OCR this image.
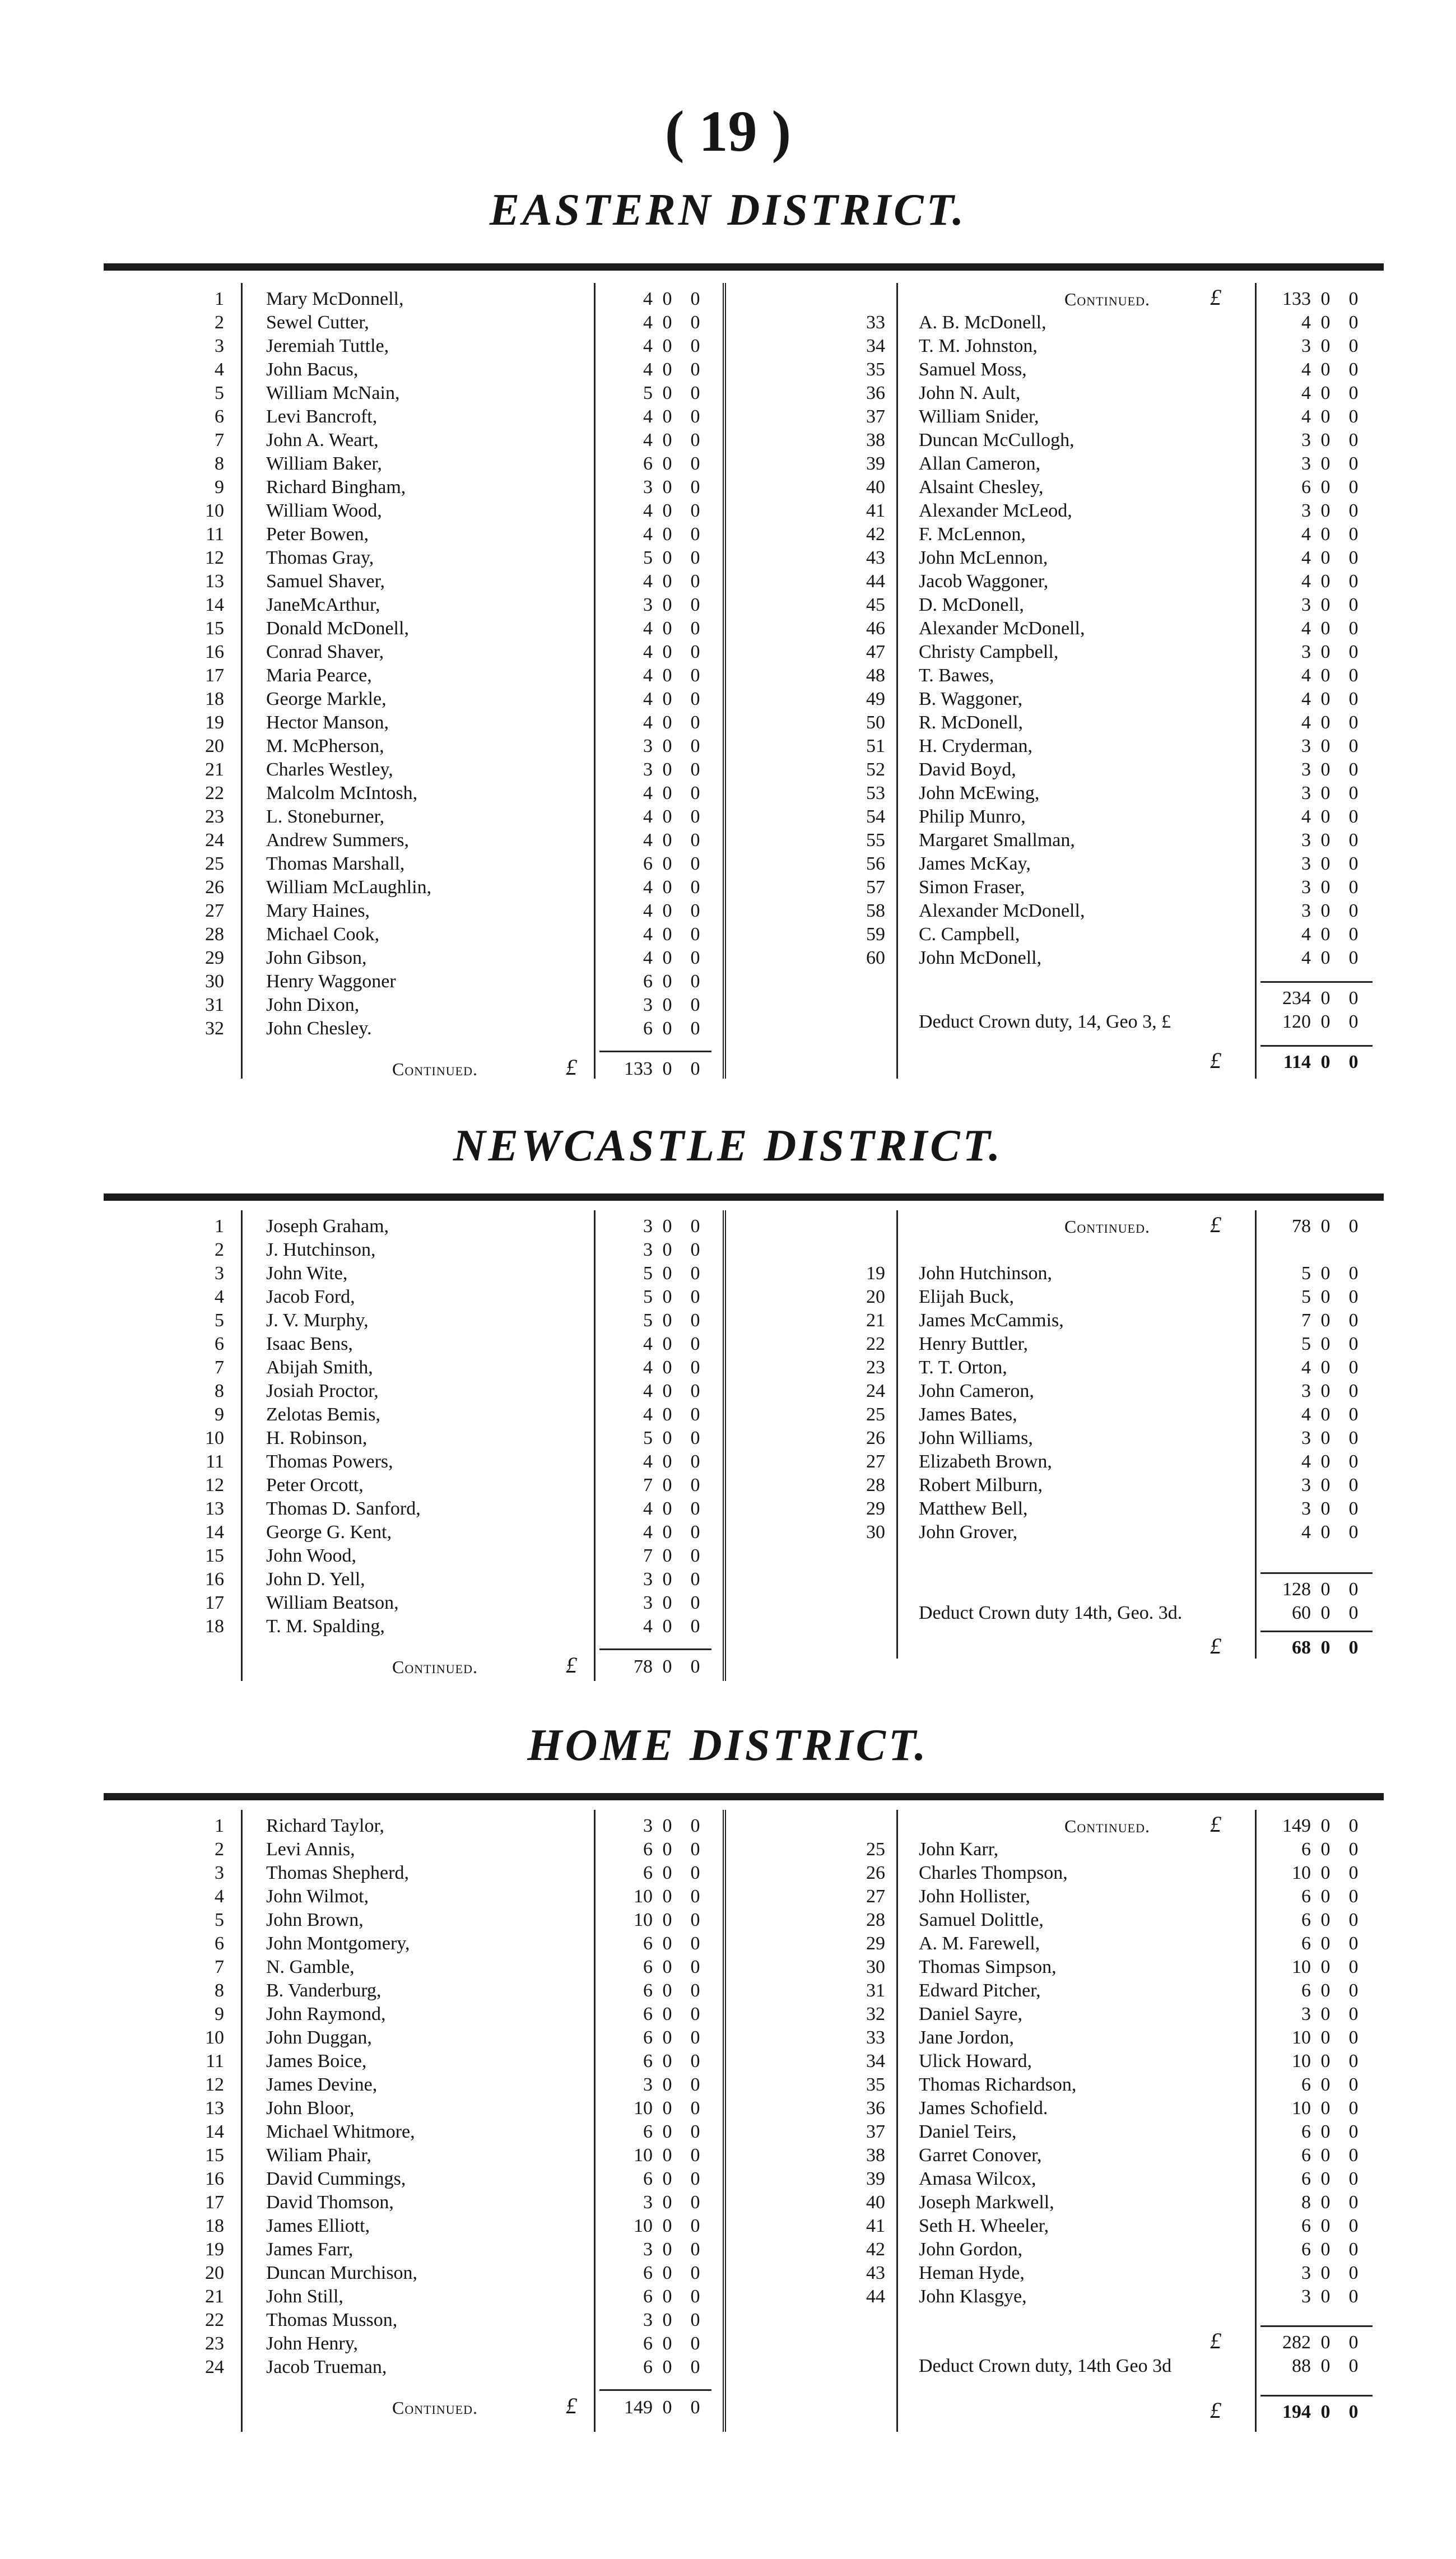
( 19 )
EASTERN DISTRICT.
1 Mary McDonnell,	4 0 0
2 Sewel Cutter,	4 0 0
3 Jeremiah Tuttle,	4 0 0
4 John Bacus,	4 0 0
5 William McNain,	5 0 0
6 Levi Bancroft,	4 0 0
7 John A. Weart,	4 0 0
8 William Baker,	6 0 0
9 Richard Bingham,	3 0 0
10 William Wood,	4 0 0
11 Peter Bowen,	4 0 0
12 Thomas Gray,	5 0 0
13 Samuel Shaver,	4 0 0
14 JaneMcArthur,	3 0 0
15 Donald McDonell,	4 0 0
16 Conrad Shaver,	4 0 0
17 Maria Pearce,	4 0 0
18 George Markle,	4 0 0
19 Hector Manson,	4 0 0
20 M. McPherson,	3 0 0
21 Charles Westley,	3 0 0
22 Malcolm McIntosh,	4 0 0
23 L. Stoneburner,	4 0 0
24 Andrew Summers,	4 0 0
25 Thomas Marshall,	6 0 0
26 William McLaughlin,	4 0 0
27 Mary Haines,	4 0 0
28 Michael Cook,	4 0 0
29 John Gibson,	4 0 0
30 Henry Waggoner	6 0 0
31 John Dixon,	3 0 0
32 John Chesley.	6 0 0
Continued.	£	133 0 0
Continued.	£	133 0 0
33 A. B. McDonell,	4 0 0
34 T. M. Johnston,	3 0 0
35 Samuel Moss,	4 0 0
36 John N. Ault,	4 0 0
37 William Snider,	4 0 0
38 Duncan McCullogh,	3 0 0
39 Allan Cameron,	3 0 0
40 Alsaint Chesley,	6 0 0
41 Alexander McLeod,	3 0 0
42 F. McLennon,	4 0 0
43 John McLennon,	4 0 0
44 Jacob Waggoner,	4 0 0
45 D. McDonell,	3 0 0
46 Alexander McDonell,	4 0 0
47 Christy Campbell,	3 0 0
48 T. Bawes,	4 0 0
49 B. Waggoner,	4 0 0
50 R. McDonell,	4 0 0
51 H. Cryderman,	3 0 0
52 David Boyd,	3 0 0
53 John McEwing,	3 0 0
54 Philip Munro,	4 0 0
55 Margaret Smallman,	3 0 0
56 James McKay,	3 0 0
57 Simon Fraser,	3 0 0
58 Alexander McDonell,	3 0 0
59 C. Campbell,	4 0 0
60 John McDonell,	4 0 0
234 0 0
Deduct Crown duty, 14, Geo 3, £	120 0 0
£	114 0 0
NEWCASTLE DISTRICT.
1 Joseph Graham,	3 0 0
2 J. Hutchinson,	3 0 0
3 John Wite,	5 0 0
4 Jacob Ford,	5 0 0
5 J. V. Murphy,	5 0 0
6 Isaac Bens,	4 0 0
7 Abijah Smith,	4 0 0
8 Josiah Proctor,	4 0 0
9 Zelotas Bemis,	4 0 0
10 H. Robinson,	5 0 0
11 Thomas Powers,	4 0 0
12 Peter Orcott,	7 0 0
13 Thomas D. Sanford,	4 0 0
14 George G. Kent,	4 0 0
15 John Wood,	7 0 0
16 John D. Yell,	3 0 0
17 William Beatson,	3 0 0
18 T. M. Spalding,	4 0 0
Continued.	£	78 0 0
Continued.	£	78 0 0
19 John Hutchinson,	5 0 0
20 Elijah Buck,	5 0 0
21 James McCammis,	7 0 0
22 Henry Buttler,	5 0 0
23 T. T. Orton,	4 0 0
24 John Cameron,	3 0 0
25 James Bates,	4 0 0
26 John Williams,	3 0 0
27 Elizabeth Brown,	4 0 0
28 Robert Milburn,	3 0 0
29 Matthew Bell,	3 0 0
30 John Grover,	4 0 0
128 0 0
Deduct Crown duty 14th, Geo. 3d.	60 0 0
£	68 0 0
HOME DISTRICT.
1 Richard Taylor,	3 0 0
2 Levi Annis,	6 0 0
3 Thomas Shepherd,	6 0 0
4 John Wilmot,	10 0 0
5 John Brown,	10 0 0
6 John Montgomery,	6 0 0
7 N. Gamble,	6 0 0
8 B. Vanderburg,	6 0 0
9 John Raymond,	6 0 0
10 John Duggan,	6 0 0
11 James Boice,	6 0 0
12 James Devine,	3 0 0
13 John Bloor,	10 0 0
14 Michael Whitmore,	6 0 0
15 Wiliam Phair,	10 0 0
16 David Cummings,	6 0 0
17 David Thomson,	3 0 0
18 James Elliott,	10 0 0
19 James Farr,	3 0 0
20 Duncan Murchison,	6 0 0
21 John Still,	6 0 0
22 Thomas Musson,	3 0 0
23 John Henry,	6 0 0
24 Jacob Trueman,	6 0 0
Continued.	£	149 0 0
Continued.	£	149 0 0
25 John Karr,	6 0 0
26 Charles Thompson,	10 0 0
27 John Hollister,	6 0 0
28 Samuel Dolittle,	6 0 0
29 A. M. Farewell,	6 0 0
30 Thomas Simpson,	10 0 0
31 Edward Pitcher,	6 0 0
32 Daniel Sayre,	3 0 0
33 Jane Jordon,	10 0 0
34 Ulick Howard,	10 0 0
35 Thomas Richardson,	6 0 0
36 James Schofield.	10 0 0
37 Daniel Teirs,	6 0 0
38 Garret Conover,	6 0 0
39 Amasa Wilcox,	6 0 0
40 Joseph Markwell,	8 0 0
41 Seth H. Wheeler,	6 0 0
42 John Gordon,	6 0 0
43 Heman Hyde,	3 0 0
44 John Klasgye,	3 0 0
£	282 0 0
Deduct Crown duty, 14th Geo 3d	88 0 0
£	194 0 0
